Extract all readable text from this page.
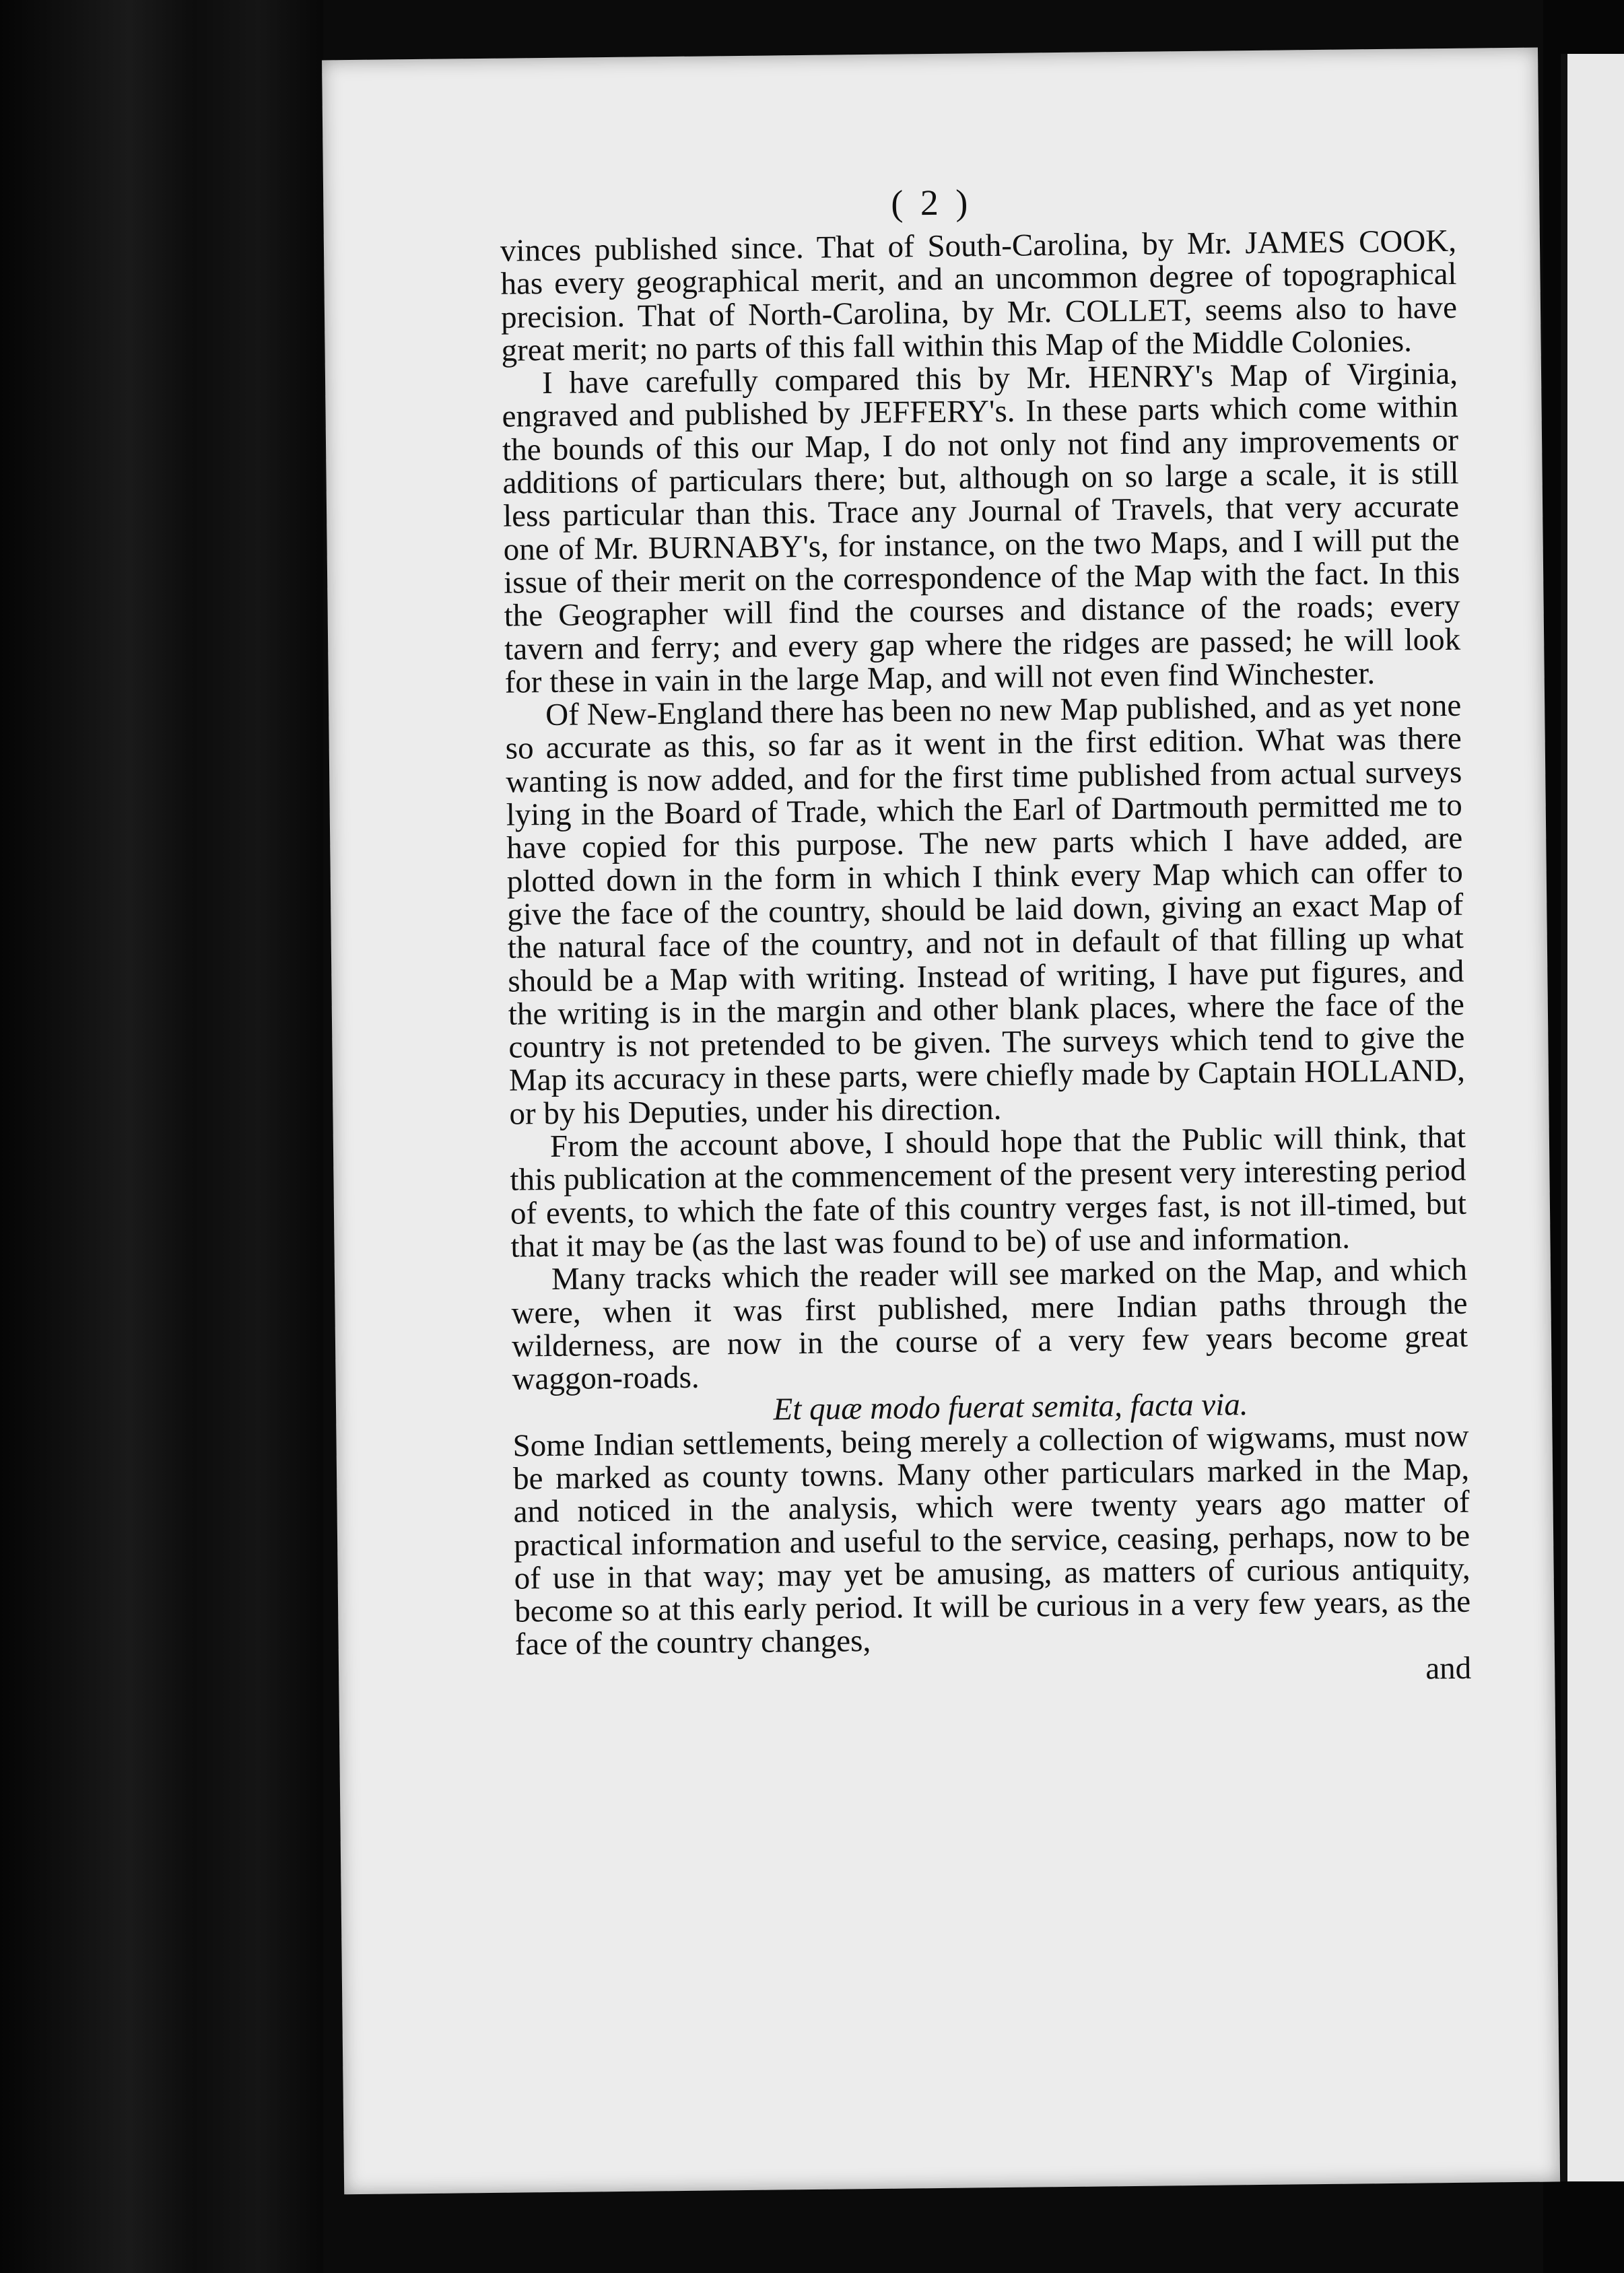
( 2 )

vinces published since. That of South-Carolina, by Mr. JAMES COOK, has every geographical merit, and an uncommon degree of topographical precision. That of North-Carolina, by Mr. COLLET, seems also to have great merit; no parts of this fall within this Map of the Middle Colonies.

I have carefully compared this by Mr. HENRY's Map of Virginia, engraved and published by JEFFERY's. In these parts which come within the bounds of this our Map, I do not only not find any improvements or additions of particulars there; but, although on so large a scale, it is still less particular than this. Trace any Journal of Travels, that very accurate one of Mr. BURNABY's, for instance, on the two Maps, and I will put the issue of their merit on the correspondence of the Map with the fact. In this the Geographer will find the courses and distance of the roads; every tavern and ferry; and every gap where the ridges are passed; he will look for these in vain in the large Map, and will not even find Winchester.

Of New-England there has been no new Map published, and as yet none so accurate as this, so far as it went in the first edition. What was there wanting is now added, and for the first time published from actual surveys lying in the Board of Trade, which the Earl of Dartmouth permitted me to have copied for this purpose. The new parts which I have added, are plotted down in the form in which I think every Map which can offer to give the face of the country, should be laid down, giving an exact Map of the natural face of the country, and not in default of that filling up what should be a Map with writing. Instead of writing, I have put figures, and the writing is in the margin and other blank places, where the face of the country is not pretended to be given. The surveys which tend to give the Map its accuracy in these parts, were chiefly made by Captain HOLLAND, or by his Deputies, under his direction.

From the account above, I should hope that the Public will think, that this publication at the commencement of the present very interesting period of events, to which the fate of this country verges fast, is not ill-timed, but that it may be (as the last was found to be) of use and information.

Many tracks which the reader will see marked on the Map, and which were, when it was first published, mere Indian paths through the wilderness, are now in the course of a very few years become great waggon-roads.

Et quæ modo fuerat semita, facta via.

Some Indian settlements, being merely a collection of wigwams, must now be marked as county towns. Many other particulars marked in the Map, and noticed in the analysis, which were twenty years ago matter of practical information and useful to the service, ceasing, perhaps, now to be of use in that way; may yet be amusing, as matters of curious antiquity, become so at this early period. It will be curious in a very few years, as the face of the country changes,

and
